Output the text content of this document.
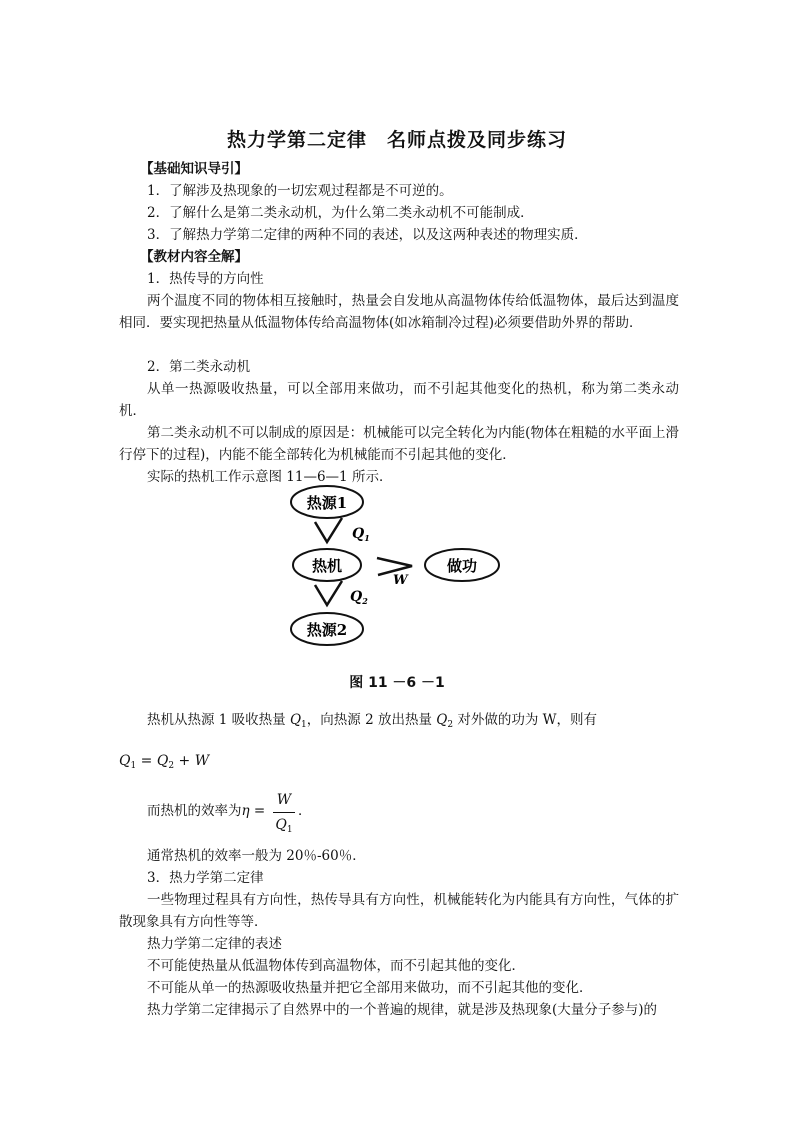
热力学第二定律　名师点拨及同步练习
【基础知识导引】
1．了解涉及热现象的一切宏观过程都是不可逆的。
2．了解什么是第二类永动机，为什么第二类永动机不可能制成．
3．了解热力学第二定律的两种不同的表述，以及这两种表述的物理实质．
【教材内容全解】
1．热传导的方向性
两个温度不同的物体相互接触时，热量会自发地从高温物体传给低温物体，最后达到温度相同．要实现把热量从低温物体传给高温物体(如冰箱制冷过程)必须要借助外界的帮助．
2．第二类永动机
从单一热源吸收热量，可以全部用来做功，而不引起其他变化的热机，称为第二类永动机．
第二类永动机不可以制成的原因是：机械能可以完全转化为内能(物体在粗糙的水平面上滑行停下的过程)，内能不能全部转化为机械能而不引起其他的变化．
实际的热机工作示意图 11—6—1 所示．
热源1
热机	做功
热源2
$Q_1$
$Q_2$
W
图 11 －6 －1
热机从热源 1 吸收热量 $Q_1$，向热源 2 放出热量 $Q_2$ 对外做的功为 W，则有
$Q_1 = Q_2 + W$
而热机的效率为η =
W
$Q_1$
．
通常热机的效率一般为 20％-60％．
3．热力学第二定律
一些物理过程具有方向性，热传导具有方向性，机械能转化为内能具有方向性，气体的扩散现象具有方向性等等．
热力学第二定律的表述
不可能使热量从低温物体传到高温物体，而不引起其他的变化．
不可能从单一的热源吸收热量并把它全部用来做功，而不引起其他的变化．
热力学第二定律揭示了自然界中的一个普遍的规律，就是涉及热现象(大量分子参与)的
